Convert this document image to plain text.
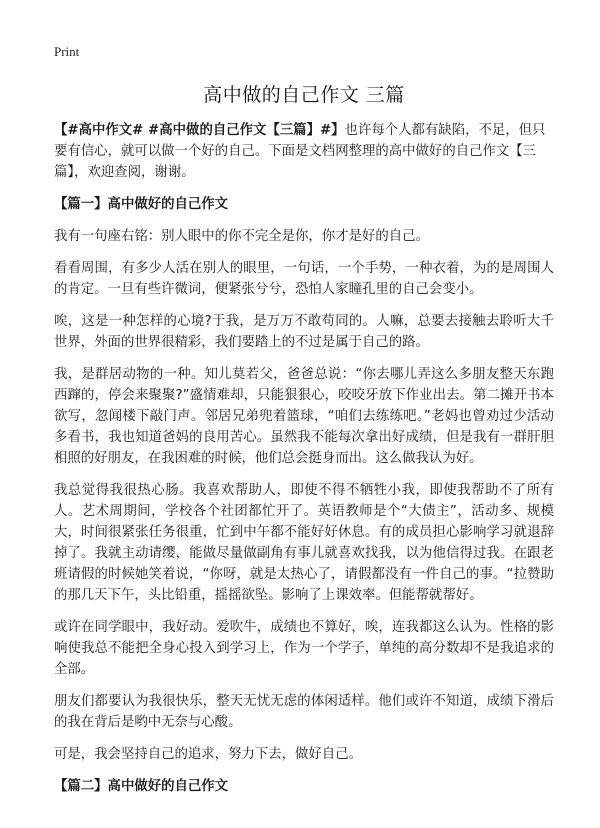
Print
高中做的自己作文 三篇

【#高中作文# #高中做的自己作文【三篇】#】也许每个人都有缺陷，不足，但只要有信心，就可以做一个好的自己。下面是文档网整理的高中做好的自己作文【三篇】，欢迎查阅，谢谢。

【篇一】高中做好的自己作文

我有一句座右铭：别人眼中的你不完全是你，你才是好的自己。

看看周围，有多少人活在别人的眼里，一句话，一个手势，一种衣着，为的是周围人的肯定。一旦有些许微词，便紧张兮兮，恐怕人家瞳孔里的自己会变小。

唉，这是一种怎样的心境?于我，是万万不敢苟同的。人嘛，总要去接触去聆听大千世界，外面的世界很精彩，我们要踏上的不过是属于自己的路。

我，是群居动物的一种。知儿莫若父，爸爸总说：“你去哪儿弄这么多朋友整天东跑西蹿的，停会来聚聚?”盛情难却，只能狠狠心，咬咬牙放下作业出去。第二摊开书本欲写，忽闻楼下敲门声。邻居兄弟兜着篮球，“咱们去练练吧。”老妈也曾劝过少活动多看书，我也知道爸妈的良用苦心。虽然我不能每次拿出好成绩，但是我有一群肝胆相照的好朋友，在我困难的时候，他们总会挺身而出。这么做我认为好。

我总觉得我很热心肠。我喜欢帮助人，即使不得不牺牲小我，即使我帮助不了所有人。艺术周期间，学校各个社团都忙开了。英语教师是个“大债主”，活动多、规模大，时间很紧张任务很重，忙到中午都不能好好休息。有的成员担心影响学习就退辞掉了。我就主动请缨，能做尽量做副角有事儿就喜欢找我，以为他信得过我。在跟老班请假的时候她笑着说，“你呀，就是太热心了，请假都没有一件自己的事。“拉赞助的那几天下午，头比铅重，摇摇欲坠。影响了上课效率。但能帮就帮好。

或许在同学眼中，我好动。爱吹牛，成绩也不算好，唉，连我都这么认为。性格的影响使我总不能把全身心投入到学习上，作为一个学子，单纯的高分数却不是我追求的全部。

朋友们都要认为我很快乐，整天无忧无虑的体闲适样。他们或许不知道，成绩下滑后的我在背后是哟中无奈与心酸。

可是，我会坚持自己的追求，努力下去，做好自己。

【篇二】高中做好的自己作文
